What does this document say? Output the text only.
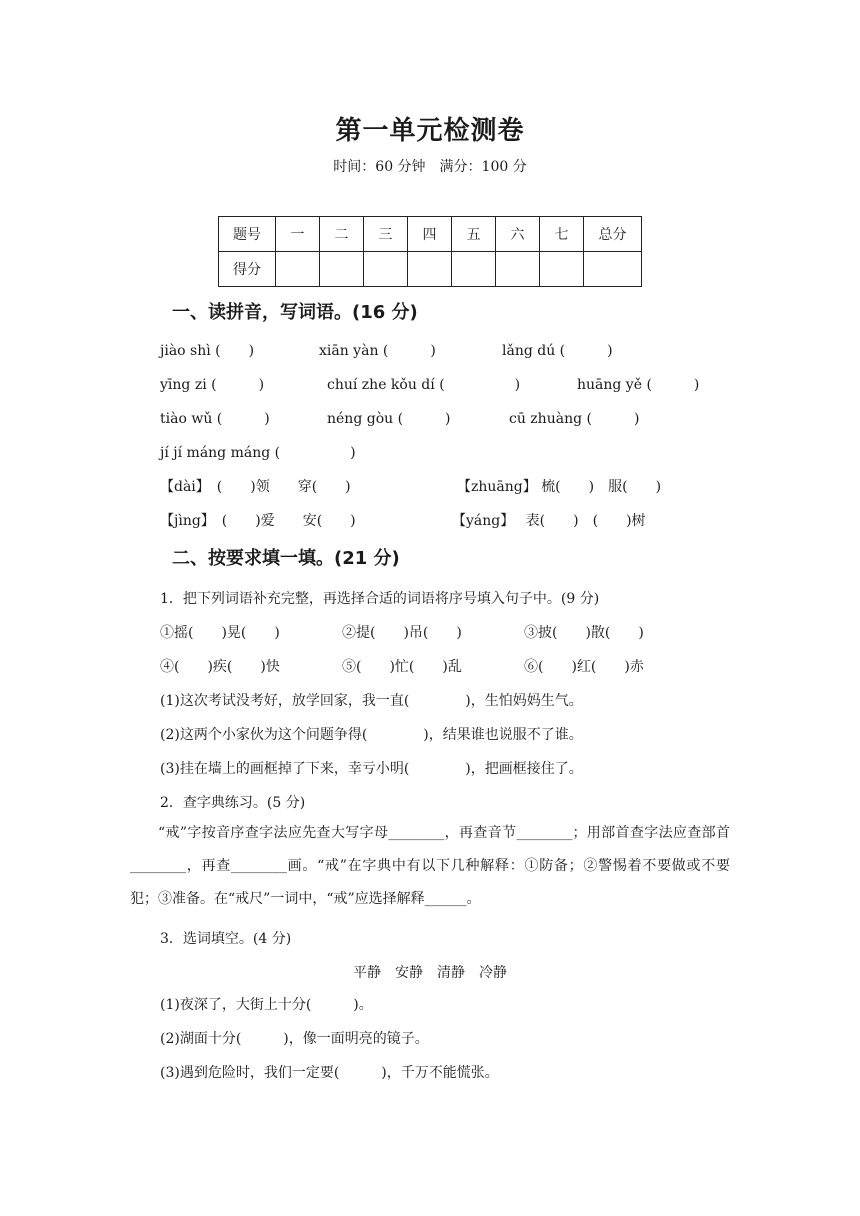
第一单元检测卷
时间：60 分钟　满分：100 分
题号	一	二	三	四	五	六	七	总分
得分								
一、读拼音，写词语。(16 分)
jiào shì (　　)	xiān yàn (　　　)	lǎng dú (　　　)
yīng zi (　　　)	chuí zhe kǒu dí (　　　　　)	huāng yě (　　　)
tiào wǔ (　　　)	néng gòu (　　　)	cū zhuàng (　　　)
jí jí máng máng (　　　　　)
【dài】　(　　)领　　穿(　　)	【zhuāng】 梳(　　)　服(　　)
【jìng】　(　　)爱　　安(　　)	【yáng】　 表(　　)　(　　)树
二、按要求填一填。(21 分)
1．把下列词语补充完整，再选择合适的词语将序号填入句子中。(9 分)
①摇(　　)晃(　　)	②提(　　)吊(　　)	③披(　　)散(　　)
④(　　)疾(　　)快	⑤(　　)忙(　　)乱	⑥(　　)红(　　)赤
(1)这次考试没考好，放学回家，我一直(　　　　)，生怕妈妈生气。
(2)这两个小家伙为这个问题争得(　　　　)，结果谁也说服不了谁。
(3)挂在墙上的画框掉了下来，幸亏小明(　　　　)，把画框接住了。
2．查字典练习。(5 分)
“戒”字按音序查字法应先查大写字母________，再查音节________；用部首查字法应查部首________，再查________画。“戒”在字典中有以下几种解释：①防备；②警惕着不要做或不要犯；③准备。在“戒尺”一词中，“戒”应选择解释______。
3．选词填空。(4 分)
平静　安静　清静　冷静
(1)夜深了，大街上十分(　　　)。
(2)湖面十分(　　　)，像一面明亮的镜子。
(3)遇到危险时，我们一定要(　　　)，千万不能慌张。
